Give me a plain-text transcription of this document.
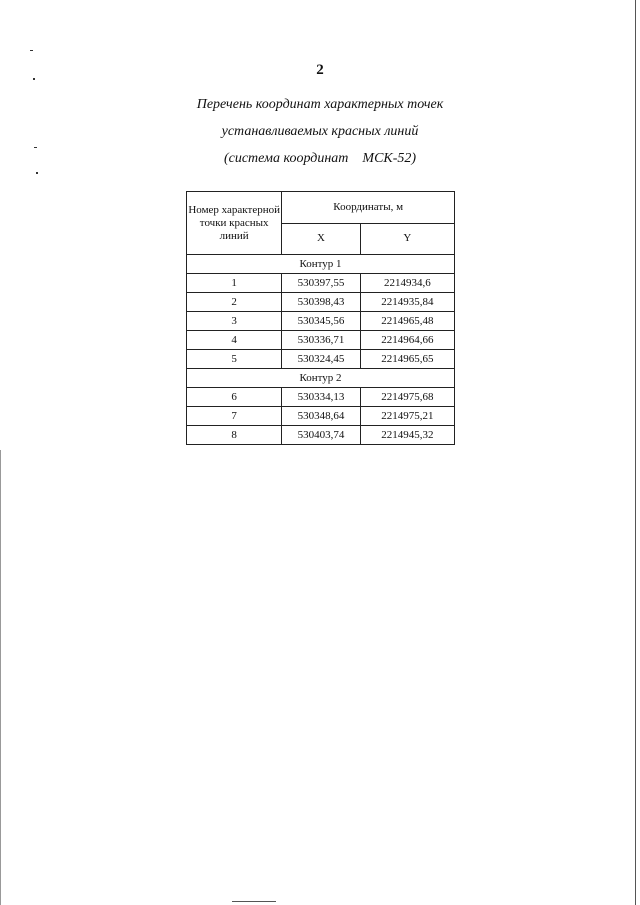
2
Перечень координат характерных точек
устанавливаемых красных линий
(система координат    МСК-52)
Номер характерной точки красных линий	Координаты, м	
	X	Y
Контур 1		
1	530397,55	2214934,6
2	530398,43	2214935,84
3	530345,56	2214965,48
4	530336,71	2214964,66
5	530324,45	2214965,65
Контур 2		
6	530334,13	2214975,68
7	530348,64	2214975,21
8	530403,74	2214945,32
